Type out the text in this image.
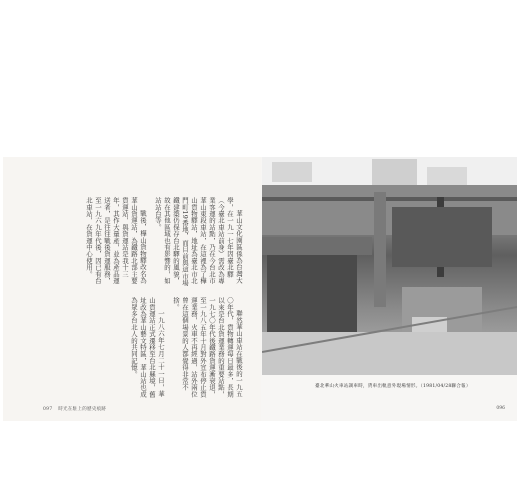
華山文化園區係為台灣大學，在一九一七年因臺北驛（今臺北車站前身）需改為專業客運的站點，乃在今台北市華山東段車站，在這裡為了樺山貨物驛站，地址為臺北市北門町19番地，而目前與這市場鐵建築仍保存台北驛的風貌，故在其他區域也有影響的，如站站台等。

戰後，樺山貨物驛改名為華山貨運站，為鐵路北部主要貨運站，與貨運站是我十三年，其作大量產，並為產品運送者，是往往戰後貨運服務，至一九六九年代後，因已有台北車站，在貨運中心使用。

聯然華山車站在戰後的一九五〇年代，貨物轉運每日最多，長期以來是台北貨運業務的重要站點，一九七〇年代後鐵路貨運漸衰退，至一九八五年十月對外宣布停止貨運業務，火車不再經過，站外兩位曾在這個場景的人都覺得非常不捨。

一九八六年七月二十一日，華山貨運站正式遷移至台北縣境，舊址改為華山藝文特區，華山站也成為眾多台北人的共同記憶。

097 時光在駐上的歷史痕跡
臺北華山火車站調車時，貨車出軌意外現場情形。（1981/04/28聯合報）
096
